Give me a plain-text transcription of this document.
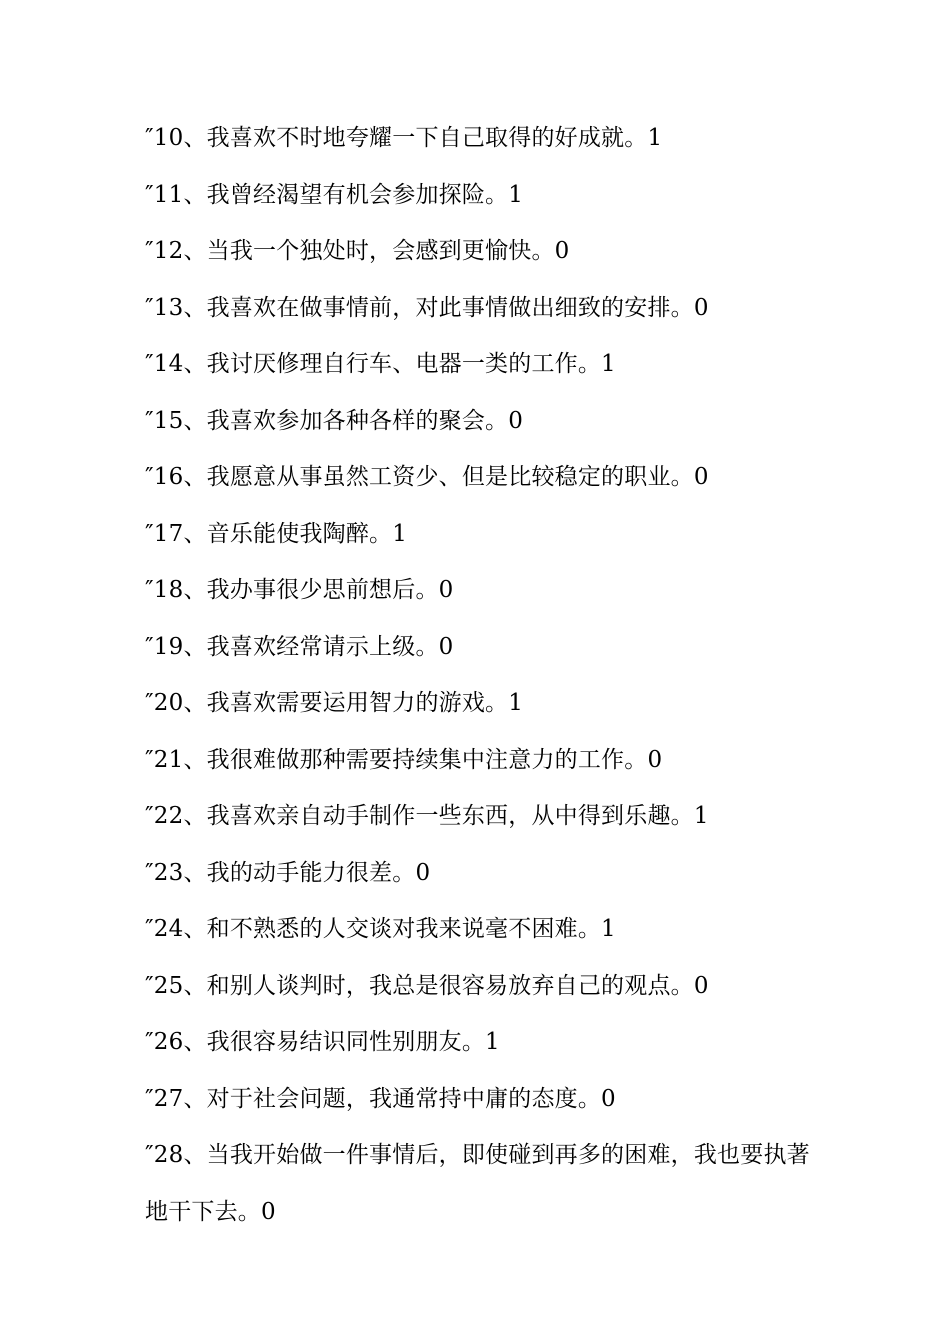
″10、我喜欢不时地夸耀一下自己取得的好成就。1
″11、我曾经渴望有机会参加探险。1
″12、当我一个独处时，会感到更愉快。0
″13、我喜欢在做事情前，对此事情做出细致的安排。0
″14、我讨厌修理自行车、电器一类的工作。1
″15、我喜欢参加各种各样的聚会。0
″16、我愿意从事虽然工资少、但是比较稳定的职业。0
″17、音乐能使我陶醉。1
″18、我办事很少思前想后。0
″19、我喜欢经常请示上级。0
″20、我喜欢需要运用智力的游戏。1
″21、我很难做那种需要持续集中注意力的工作。0
″22、我喜欢亲自动手制作一些东西，从中得到乐趣。1
″23、我的动手能力很差。0
″24、和不熟悉的人交谈对我来说毫不困难。1
″25、和别人谈判时，我总是很容易放弃自己的观点。0
″26、我很容易结识同性别朋友。1
″27、对于社会问题，我通常持中庸的态度。0
″28、当我开始做一件事情后，即使碰到再多的困难，我也要执著地干下去。0
